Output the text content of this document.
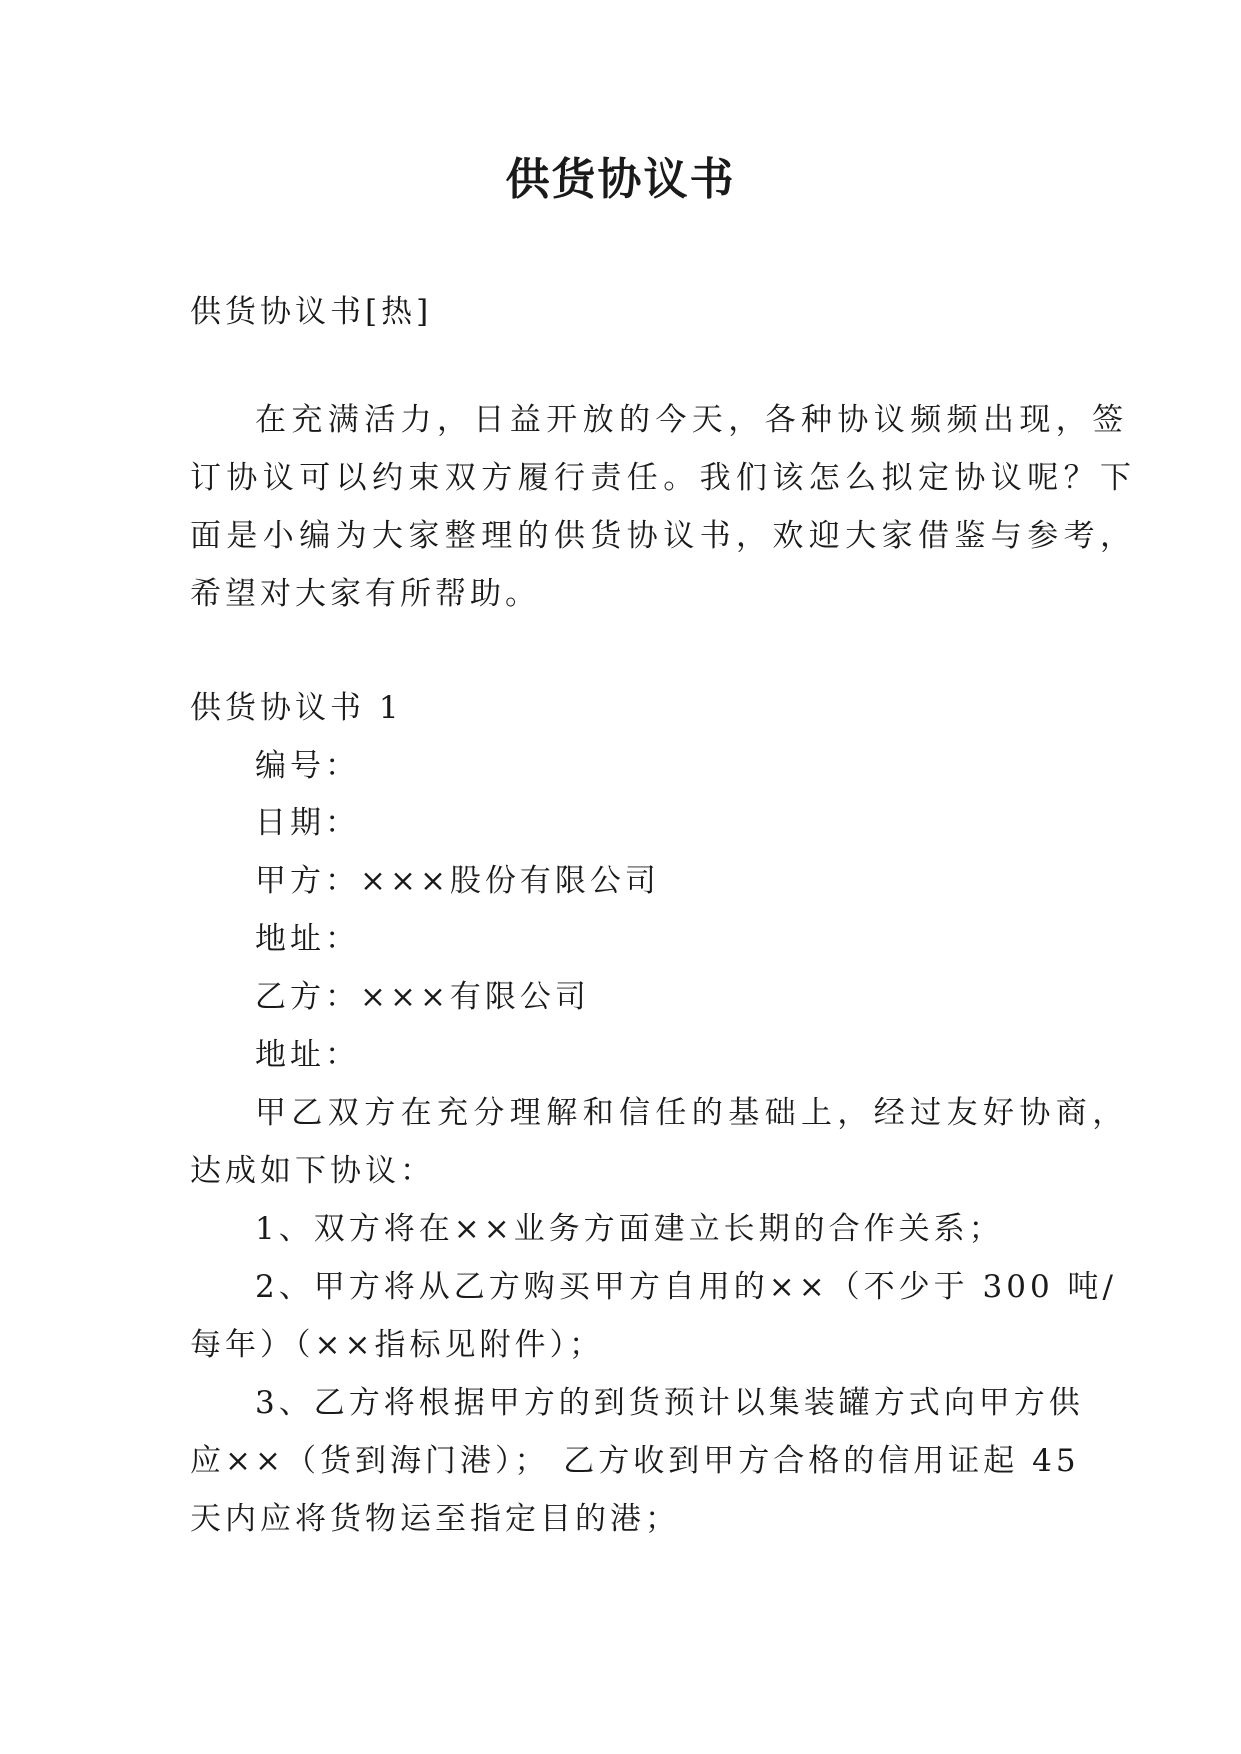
供货协议书

供货协议书[热]

在充满活力，日益开放的今天，各种协议频频出现，签

订协议可以约束双方履行责任。我们该怎么拟定协议呢？下

面是小编为大家整理的供货协议书，欢迎大家借鉴与参考，

希望对大家有所帮助。

供货协议书 1

编号：

日期：

甲方：×××股份有限公司

地址：

乙方：×××有限公司

地址：

甲乙双方在充分理解和信任的基础上，经过友好协商，

达成如下协议：

1、双方将在××业务方面建立长期的合作关系；

2、甲方将从乙方购买甲方自用的××（不少于 300 吨/

每年）（××指标见附件）；

3、乙方将根据甲方的到货预计以集装罐方式向甲方供

应××（货到海门港）； 乙方收到甲方合格的信用证起 45

天内应将货物运至指定目的港；
